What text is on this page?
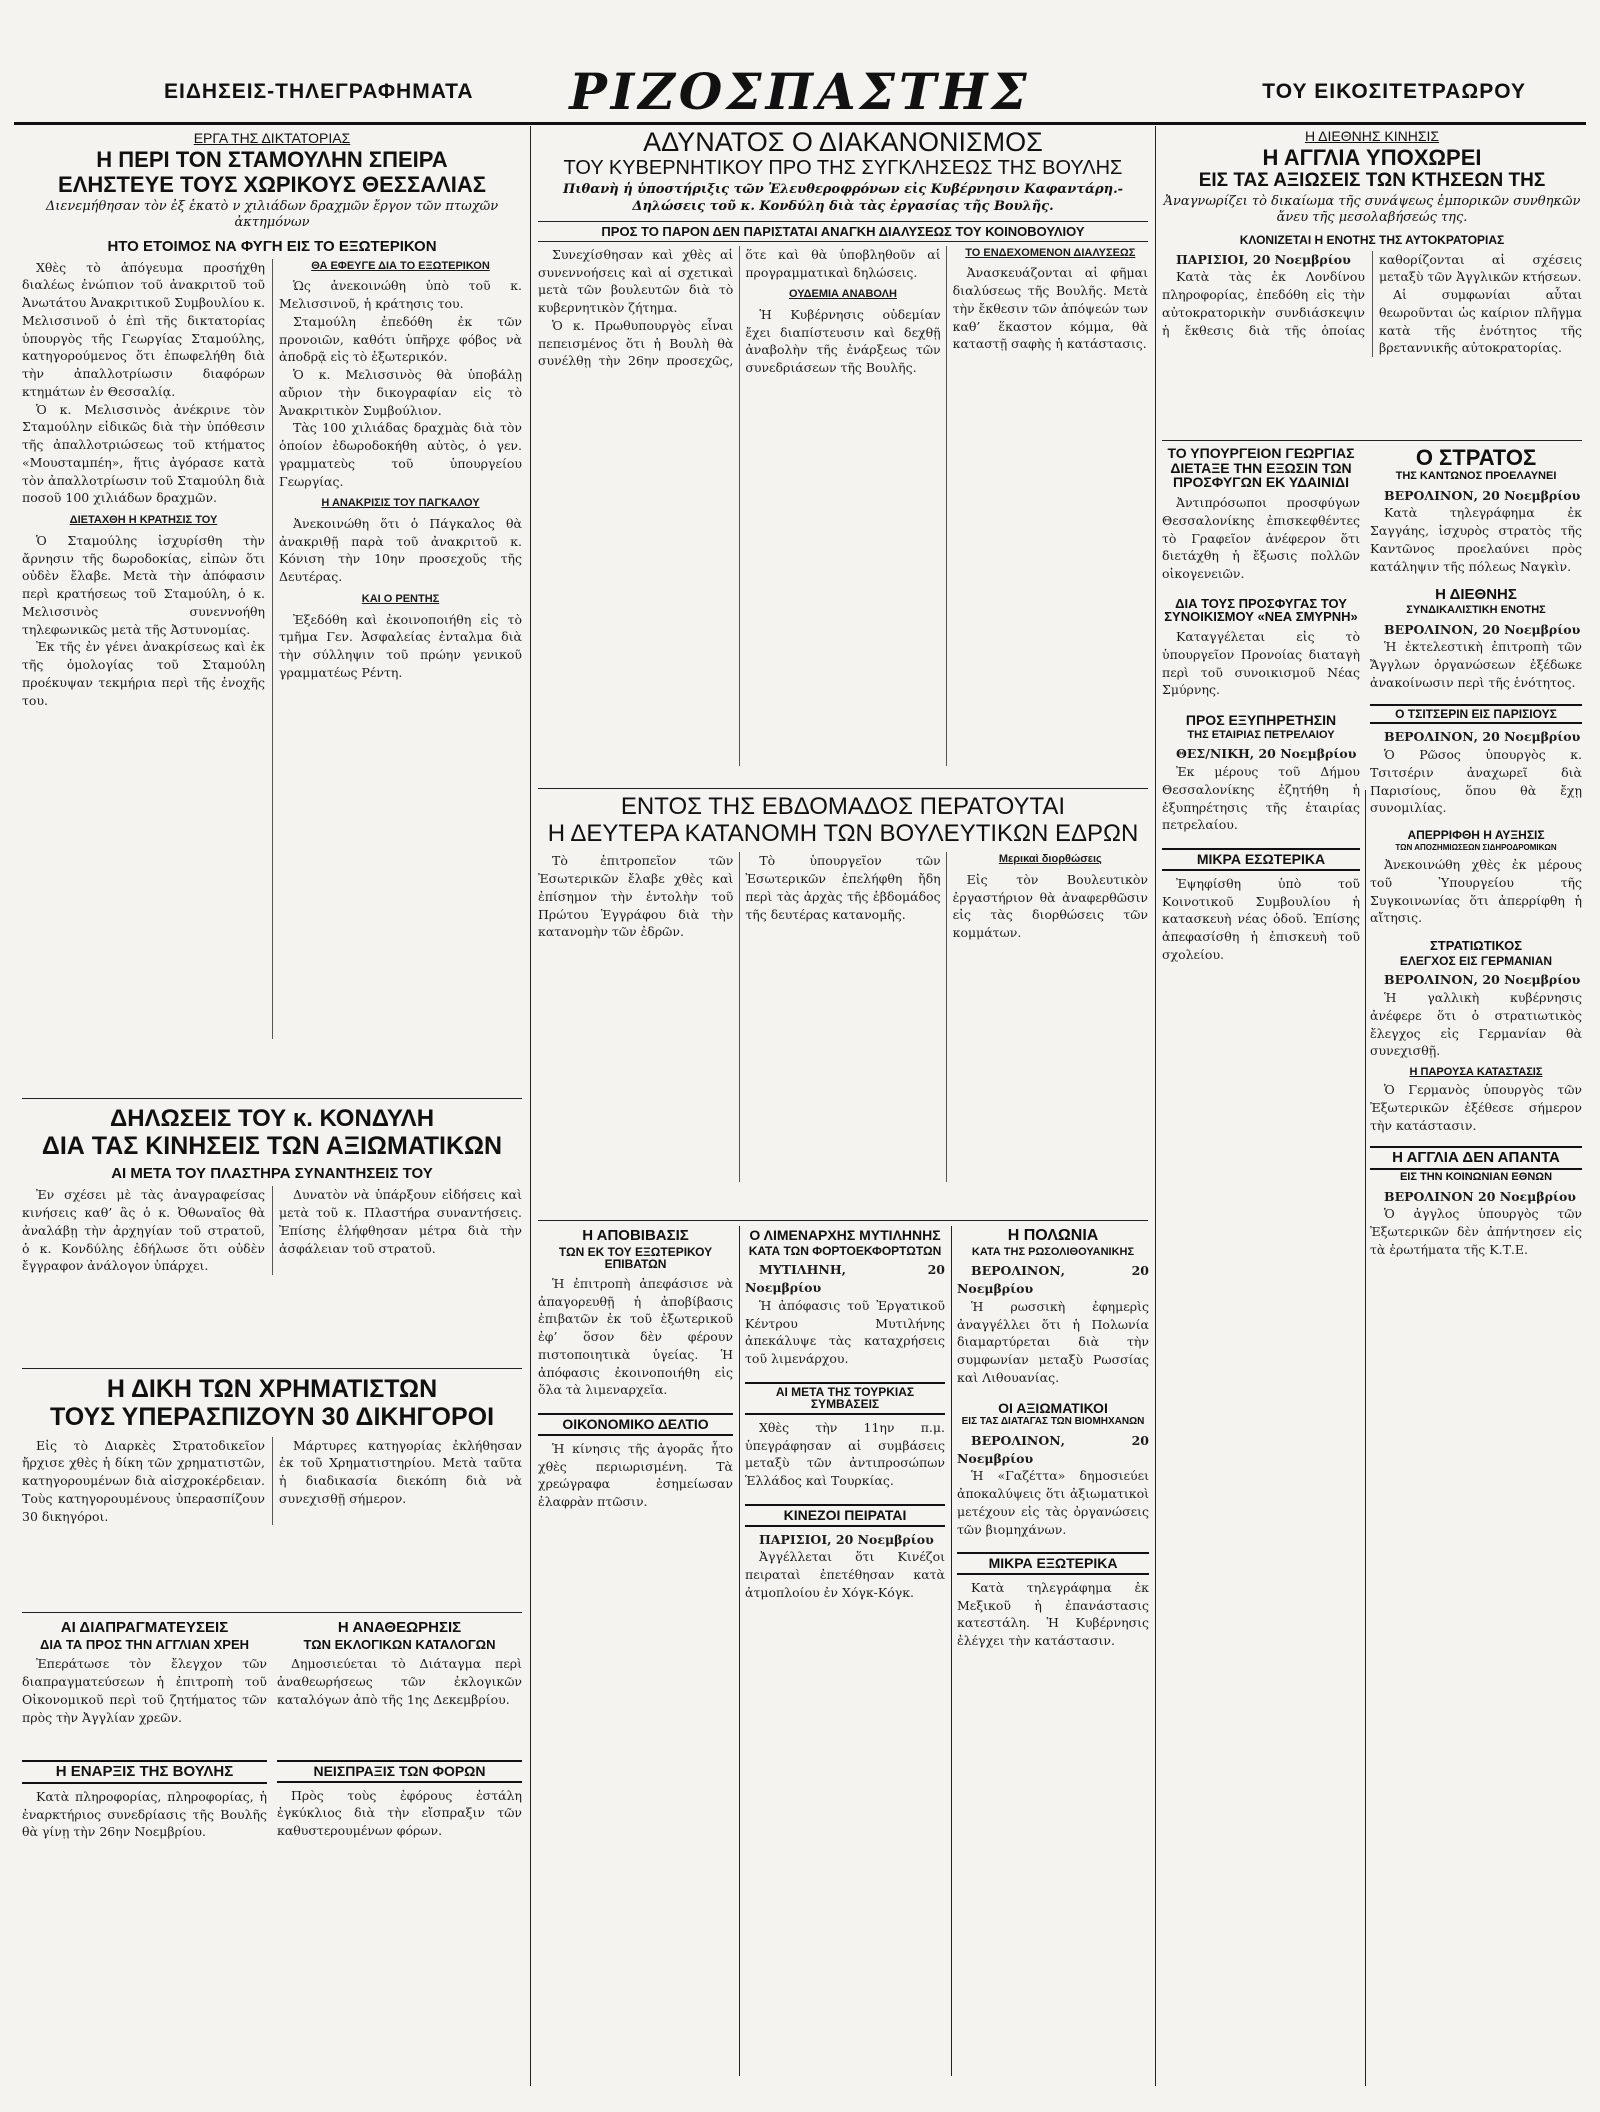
ΕΙΔΗΣΕΙΣ-ΤΗΛΕΓΡΑΦΗΜΑΤΑ	ΡΙΖΟΣΠΑΣΤΗΣ	ΤΟΥ ΕΙΚΟΣΙΤΕΤΡΑΩΡΟΥ
ΕΡΓΑ ΤΗΣ ΔΙΚΤΑΤΟΡΙΑΣ
Η ΠΕΡΙ ΤΟΝ ΣΤΑΜΟΥΛΗΝ ΣΠΕΙΡΑ
ΕΛΗΣΤΕΥΕ ΤΟΥΣ ΧΩΡΙΚΟΥΣ ΘΕΣΣΑΛΙΑΣ
Διενεμήθησαν τὸν ἐξ ἑκατὸ ν χιλιάδων δραχμῶν ἔργον τῶν πτωχῶν ἀκτημόνων
ΗΤΟ ΕΤΟΙΜΟΣ ΝΑ ΦΥΓΗ ΕΙΣ ΤΟ ΕΞΩΤΕΡΙΚΟΝ

Χθὲς τὸ ἀπόγευμα προσήχθη διαλέως ἐνώπιον τοῦ ἀνακριτοῦ τοῦ Ἀνωτάτου Ἀνακριτικοῦ Συμβουλίου κ. Μελισσινοῦ ὁ ἐπὶ τῆς δικτατορίας ὑπουργὸς τῆς Γεωργίας Σταμούλης, κατηγορούμενος ὅτι ἐπωφελήθη διὰ τὴν ἀπαλλοτρίωσιν διαφόρων κτημάτων ἐν Θεσσαλίᾳ.

Ὁ κ. Μελισσινὸς ἀνέκρινε τὸν Σταμούλην εἰδικῶς διὰ τὴν ὑπόθεσιν τῆς ἀπαλλοτριώσεως τοῦ κτήματος «Μουσταμπέη», ἥτις ἀγόρασε κατὰ τὸν ἀπαλλοτρίωσιν τοῦ Σταμούλη διὰ ποσοῦ 100 χιλιάδων δραχμῶν.

ΔΙΕΤΑΧΘΗ Η ΚΡΑΤΗΣΙΣ ΤΟΥ

Ὁ Σταμούλης ἰσχυρίσθη τὴν ἄρνησιν τῆς δωροδοκίας, εἰπὼν ὅτι οὐδὲν ἔλαβε. Μετὰ τὴν ἀπόφασιν περὶ κρατήσεως τοῦ Σταμούλη, ὁ κ. Μελισσινὸς συνεννοήθη τηλεφωνικῶς μετὰ τῆς Ἀστυνομίας.

Ἐκ τῆς ἐν γένει ἀνακρίσεως καὶ ἐκ τῆς ὁμολογίας τοῦ Σταμούλη προέκυψαν τεκμήρια περὶ τῆς ἐνοχῆς του.

ΘΑ ΕΦΕΥΓΕ ΔΙΑ ΤΟ ΕΞΩΤΕΡΙΚΟΝ

Ὡς ἀνεκοινώθη ὑπὸ τοῦ κ. Μελισσινοῦ, ἡ κράτησις του.

Σταμούλη ἐπεδόθη ἐκ τῶν προνοιῶν, καθότι ὑπῆρχε φόβος νὰ ἀποδρᾷ εἰς τὸ ἐξωτερικόν.

Ὁ κ. Μελισσινὸς θὰ ὑποβάλῃ αὔριον τὴν δικογραφίαν εἰς τὸ Ἀνακριτικὸν Συμβούλιον.

Τὰς 100 χιλιάδας δραχμὰς διὰ τὸν ὁποίον ἐδωροδοκήθη αὐτὸς, ὁ γεν. γραμματεὺς τοῦ ὑπουργείου Γεωργίας.

Η ΑΝΑΚΡΙΣΙΣ ΤΟΥ ΠΑΓΚΑΛΟΥ

Ἀνεκοινώθη ὅτι ὁ Πάγκαλος θὰ ἀνακριθῇ παρὰ τοῦ ἀνακριτοῦ κ. Κόνιση τὴν 10ην προσεχοῦς τῆς Δευτέρας.

ΚΑΙ Ο ΡΕΝΤΗΣ

Ἐξεδόθη καὶ ἐκοινοποιήθη εἰς τὸ τμῆμα Γεν. Ἀσφαλείας ἐνταλμα διὰ τὴν σύλληψιν τοῦ πρώην γενικοῦ γραμματέως Ρέντη.

ΔΗΛΩΣΕΙΣ ΤΟΥ κ. ΚΟΝΔΥΛΗ
ΔΙΑ ΤΑΣ ΚΙΝΗΣΕΙΣ ΤΩΝ ΑΞΙΩΜΑΤΙΚΩΝ
ΑΙ ΜΕΤΑ ΤΟΥ ΠΛΑΣΤΗΡΑ ΣΥΝΑΝΤΗΣΕΙΣ ΤΟΥ

Ἐν σχέσει μὲ τὰς ἀναγραφείσας κινήσεις καθ’ ἃς ὁ κ. Ὀθωναῖος θὰ ἀναλάβῃ τὴν ἀρχηγίαν τοῦ στρατοῦ, ὁ κ. Κονδύλης ἐδήλωσε ὅτι οὐδὲν ἔγγραφον ἀνάλογον ὑπάρχει.

Δυνατὸν νὰ ὑπάρξουν εἰδήσεις καὶ μετὰ τοῦ κ. Πλαστήρα συναντήσεις. Ἐπίσης ἐλήφθησαν μέτρα διὰ τὴν ἀσφάλειαν τοῦ στρατοῦ.

Η ΔΙΚΗ ΤΩΝ ΧΡΗΜΑΤΙΣΤΩΝ
ΤΟΥΣ ΥΠΕΡΑΣΠΙΖΟΥΝ 30 ΔΙΚΗΓΟΡΟΙ

Εἰς τὸ Διαρκὲς Στρατοδικεῖον ἤρχισε χθὲς ἡ δίκη τῶν χρηματιστῶν, κατηγορουμένων διὰ αἰσχροκέρδειαν. Τοὺς κατηγορουμένους ὑπερασπίζουν 30 δικηγόροι.

Μάρτυρες κατηγορίας ἐκλήθησαν ἐκ τοῦ Χρηματιστηρίου. Μετὰ ταῦτα ἡ διαδικασία διεκόπη διὰ νὰ συνεχισθῇ σήμερον.

ΑΙ ΔΙΑΠΡΑΓΜΑΤΕΥΣΕΙΣ
ΔΙΑ ΤΑ ΠΡΟΣ ΤΗΝ ΑΓΓΛΙΑΝ ΧΡΕΗ

Ἐπεράτωσε τὸν ἔλεγχον τῶν διαπραγματεύσεων ἡ ἐπιτροπὴ τοῦ Οἰκονομικοῦ περὶ τοῦ ζητήματος τῶν πρὸς τὴν Ἀγγλίαν χρεῶν.

Η ΑΝΑΘΕΩΡΗΣΙΣ
ΤΩΝ ΕΚΛΟΓΙΚΩΝ ΚΑΤΑΛΟΓΩΝ

Δημοσιεύεται τὸ Διάταγμα περὶ ἀναθεωρήσεως τῶν ἐκλογικῶν καταλόγων ἀπὸ τῆς 1ης Δεκεμβρίου.

Η ΕΝΑΡΞΙΣ ΤΗΣ ΒΟΥΛΗΣ

Κατὰ πληροφορίας, πληροφορίας, ἡ ἐναρκτήριος συνεδρίασις τῆς Βουλῆς θὰ γίνῃ τὴν 26ην Νοεμβρίου.

ΝΕΙΣΠΡΑΞΙΣ ΤΩΝ ΦΟΡΩΝ

Πρὸς τοὺς ἐφόρους ἐστάλη ἐγκύκλιος διὰ τὴν εἴσπραξιν τῶν καθυστερουμένων φόρων.

ΑΔΥΝΑΤΟΣ Ο ΔΙΑΚΑΝΟΝΙΣΜΟΣ
ΤΟΥ ΚΥΒΕΡΝΗΤΙΚΟΥ ΠΡΟ ΤΗΣ ΣΥΓΚΛΗΣΕΩΣ ΤΗΣ ΒΟΥΛΗΣ
Πιθανὴ ἡ ὑποστήριξις τῶν Ἐλευθεροφρόνων εἰς Κυβέρνησιν Καφαντάρη.-Δηλώσεις τοῦ κ. Κονδύλη διὰ τὰς ἐργασίας τῆς Βουλῆς.
ΠΡΟΣ ΤΟ ΠΑΡΟΝ ΔΕΝ ΠΑΡΙΣΤΑΤΑΙ ΑΝΑΓΚΗ ΔΙΑΛΥΣΕΩΣ ΤΟΥ ΚΟΙΝΟΒΟΥΛΙΟΥ

Συνεχίσθησαν καὶ χθὲς αἱ συνεννοήσεις καὶ αἱ σχετικαὶ μετὰ τῶν βουλευτῶν διὰ τὸ κυβερνητικὸν ζήτημα.

Ὁ κ. Πρωθυπουργὸς εἶναι πεπεισμένος ὅτι ἡ Βουλὴ θὰ συνέλθῃ τὴν 26ην προσεχῶς, ὅτε καὶ θὰ ὑποβληθοῦν αἱ προγραμματικαὶ δηλώσεις.

ΟΥΔΕΜΙΑ ΑΝΑΒΟΛΗ

Ἡ Κυβέρνησις οὐδεμίαν ἔχει διαπίστευσιν καὶ δεχθῇ ἀναβολὴν τῆς ἐνάρξεως τῶν συνεδριάσεων τῆς Βουλῆς.

ΤΟ ΕΝΔΕΧΟΜΕΝΟΝ ΔΙΑΛΥΣΕΩΣ

Ἀνασκευάζονται αἱ φῆμαι διαλύσεως τῆς Βουλῆς. Μετὰ τὴν ἔκθεσιν τῶν ἀπόψεών των καθ’ ἕκαστον κόμμα, θὰ καταστῇ σαφὴς ἡ κατάστασις.

ΕΝΤΟΣ ΤΗΣ ΕΒΔΟΜΑΔΟΣ ΠΕΡΑΤΟΥΤΑΙ
Η ΔΕΥΤΕΡΑ ΚΑΤΑΝΟΜΗ ΤΩΝ ΒΟΥΛΕΥΤΙΚΩΝ ΕΔΡΩΝ

Τὸ ἐπιτροπεῖον τῶν Ἐσωτερικῶν ἔλαβε χθὲς καὶ ἐπίσημον τὴν ἐντολὴν τοῦ Πρώτου Ἐγγράφου διὰ τὴν κατανομὴν τῶν ἐδρῶν.

Τὸ ὑπουργεῖον τῶν Ἐσωτερικῶν ἐπελήφθη ἤδη περὶ τὰς ἀρχὰς τῆς ἑβδομάδος τῆς δευτέρας κατανομῆς.

Μερικαὶ διορθώσεις

Εἰς τὸν Βουλευτικὸν ἐργαστήριον θὰ ἀναφερθῶσιν εἰς τὰς διορθώσεις τῶν κομμάτων.

Η ΑΠΟΒΙΒΑΣΙΣ
ΤΩΝ ΕΚ ΤΟΥ ΕΞΩΤΕΡΙΚΟΥ ΕΠΙΒΑΤΩΝ

Ἡ ἐπιτροπὴ ἀπεφάσισε νὰ ἀπαγορευθῇ ἡ ἀποβίβασις ἐπιβατῶν ἐκ τοῦ ἐξωτερικοῦ ἐφ’ ὅσον δὲν φέρουν πιστοποιητικὰ ὑγείας. Ἡ ἀπόφασις ἐκοινοποιήθη εἰς ὅλα τὰ λιμεναρχεῖα.

ΟΙΚΟΝΟΜΙΚΟ ΔΕΛΤΙΟ

Ἡ κίνησις τῆς ἀγορᾶς ἦτο χθὲς περιωρισμένη. Τὰ χρεώγραφα ἐσημείωσαν ἐλαφρὰν πτῶσιν.

Ο ΛΙΜΕΝΑΡΧΗΣ ΜΥΤΙΛΗΝΗΣ
ΚΑΤΑ ΤΩΝ ΦΟΡΤΟΕΚΦΟΡΤΩΤΩΝ

ΜΥΤΙΛΗΝΗ, 20 Νοεμβρίου

Ἡ ἀπόφασις τοῦ Ἐργατικοῦ Κέντρου Μυτιλήνης ἀπεκάλυψε τὰς καταχρήσεις τοῦ λιμενάρχου.

ΑΙ ΜΕΤΑ ΤΗΣ ΤΟΥΡΚΙΑΣ ΣΥΜΒΑΣΕΙΣ

Χθὲς τὴν 11ην π.μ. ὑπεγράφησαν αἱ συμβάσεις μεταξὺ τῶν ἀντιπροσώπων Ἑλλάδος καὶ Τουρκίας.

ΚΙΝΕΖΟΙ ΠΕΙΡΑΤΑΙ

ΠΑΡΙΣΙΟΙ, 20 Νοεμβρίου

Ἀγγέλλεται ὅτι Κινέζοι πειραταὶ ἐπετέθησαν κατὰ ἀτμοπλοίου ἐν Χόγκ-Κόγκ.

Η ΠΟΛΩΝΙΑ
ΚΑΤΑ ΤΗΣ ΡΩΣΟΛΙΘΟΥΑΝΙΚΗΣ

ΒΕΡΟΛΙΝΟΝ, 20 Νοεμβρίου

Ἡ ρωσσικὴ ἐφημερὶς ἀναγγέλλει ὅτι ἡ Πολωνία διαμαρτύρεται διὰ τὴν συμφωνίαν μεταξὺ Ρωσσίας καὶ Λιθουανίας.

ΟΙ ΑΞΙΩΜΑΤΙΚΟΙ
ΕΙΣ ΤΑΣ ΔΙΑΤΑΓΑΣ ΤΩΝ ΒΙΟΜΗΧΑΝΩΝ

ΒΕΡΟΛΙΝΟΝ, 20 Νοεμβρίου

Ἡ «Γαζέττα» δημοσιεύει ἀποκαλύψεις ὅτι ἀξιωματικοὶ μετέχουν εἰς τὰς ὀργανώσεις τῶν βιομηχάνων.

ΜΙΚΡΑ ΕΞΩΤΕΡΙΚΑ

Κατὰ τηλεγράφημα ἐκ Μεξικοῦ ἡ ἐπανάστασις κατεστάλη. Ἡ Κυβέρνησις ἐλέγχει τὴν κατάστασιν.

Η ΔΙΕΘΝΗΣ ΚΙΝΗΣΙΣ
Η ΑΓΓΛΙΑ ΥΠΟΧΩΡΕΙ
ΕΙΣ ΤΑΣ ΑΞΙΩΣΕΙΣ ΤΩΝ ΚΤΗΣΕΩΝ ΤΗΣ
Ἀναγνωρίζει τὸ δικαίωμα τῆς συνάψεως ἐμπορικῶν συνθηκῶν ἄνευ τῆς μεσολαβήσεώς της.
ΚΛΟΝΙΖΕΤΑΙ Η ΕΝΟΤΗΣ ΤΗΣ ΑΥΤΟΚΡΑΤΟΡΙΑΣ

ΠΑΡΙΣΙΟΙ, 20 Νοεμβρίου

Κατὰ τὰς ἐκ Λονδίνου πληροφορίας, ἐπεδόθη εἰς τὴν αὐτοκρατορικὴν συνδιάσκεψιν ἡ ἔκθεσις διὰ τῆς ὁποίας καθορίζονται αἱ σχέσεις μεταξὺ τῶν Ἀγγλικῶν κτήσεων.

Αἱ συμφωνίαι αὗται θεωροῦνται ὡς καίριον πλῆγμα κατὰ τῆς ἑνότητος τῆς βρεταννικῆς αὐτοκρατορίας.

ΤΟ ΥΠΟΥΡΓΕΙΟΝ ΓΕΩΡΓΙΑΣ ΔΙΕΤΑΞΕ ΤΗΝ ΕΞΩΣΙΝ ΤΩΝ ΠΡΟΣΦΥΓΩΝ ΕΚ ΥΔΑΙΝΙΔΙ

Ἀντιπρόσωποι προσφύγων Θεσσαλονίκης ἐπισκεφθέντες τὸ Γραφεῖον ἀνέφερον ὅτι διετάχθη ἡ ἔξωσις πολλῶν οἰκογενειῶν.

ΔΙΑ ΤΟΥΣ ΠΡΟΣΦΥΓΑΣ ΤΟΥ ΣΥΝΟΙΚΙΣΜΟΥ «ΝΕΑ ΣΜΥΡΝΗ»

Καταγγέλεται εἰς τὸ ὑπουργεῖον Προνοίας διαταγὴ περὶ τοῦ συνοικισμοῦ Νέας Σμύρνης.

ΠΡΟΣ ΕΞΥΠΗΡΕΤΗΣΙΝ
ΤΗΣ ΕΤΑΙΡΙΑΣ ΠΕΤΡΕΛΑΙΟΥ

ΘΕΣ/ΝΙΚΗ, 20 Νοεμβρίου

Ἐκ μέρους τοῦ Δήμου Θεσσαλονίκης ἐζητήθη ἡ ἐξυπηρέτησις τῆς ἑταιρίας πετρελαίου.

ΜΙΚΡΑ ΕΣΩΤΕΡΙΚΑ

Ἐψηφίσθη ὑπὸ τοῦ Κοινοτικοῦ Συμβουλίου ἡ κατασκευὴ νέας ὁδοῦ. Ἐπίσης ἀπεφασίσθη ἡ ἐπισκευὴ τοῦ σχολείου.

Ο ΣΤΡΑΤΟΣ
ΤΗΣ ΚΑΝΤΩΝΟΣ ΠΡΟΕΛΑΥΝΕΙ

ΒΕΡΟΛΙΝΟΝ, 20 Νοεμβρίου

Κατὰ τηλεγράφημα ἐκ Σαγγάης, ἰσχυρὸς στρατὸς τῆς Καντῶνος προελαύνει πρὸς κατάληψιν τῆς πόλεως Ναγκὶν.

Η ΔΙΕΘΝΗΣ
ΣΥΝΔΙΚΑΛΙΣΤΙΚΗ ΕΝΟΤΗΣ

ΒΕΡΟΛΙΝΟΝ, 20 Νοεμβρίου

Ἡ ἐκτελεστικὴ ἐπιτροπὴ τῶν Ἄγγλων ὀργανώσεων ἐξέδωκε ἀνακοίνωσιν περὶ τῆς ἑνότητος.

Ο ΤΣΙΤΣΕΡΙΝ ΕΙΣ ΠΑΡΙΣΙΟΥΣ

ΒΕΡΟΛΙΝΟΝ, 20 Νοεμβρίου

Ὁ Ρῶσος ὑπουργὸς κ. Τσιτσέριν ἀναχωρεῖ διὰ Παρισίους, ὅπου θὰ ἔχῃ συνομιλίας.

ΑΠΕΡΡΙΦΘΗ Η ΑΥΞΗΣΙΣ
ΤΩΝ ΑΠΟΖΗΜΙΩΣΕΩΝ ΣΙΔΗΡΟΔΡΟΜΙΚΩΝ

Ἀνεκοινώθη χθὲς ἐκ μέρους τοῦ Ὑπουργείου τῆς Συγκοινωνίας ὅτι ἀπερρίφθη ἡ αἴτησις.

ΣΤΡΑΤΙΩΤΙΚΟΣ
ΕΛΕΓΧΟΣ ΕΙΣ ΓΕΡΜΑΝΙΑΝ

ΒΕΡΟΛΙΝΟΝ, 20 Νοεμβρίου

Ἡ γαλλικὴ κυβέρνησις ἀνέφερε ὅτι ὁ στρατιωτικὸς ἔλεγχος εἰς Γερμανίαν θὰ συνεχισθῇ.

Η ΠΑΡΟΥΣΑ ΚΑΤΑΣΤΑΣΙΣ

Ὁ Γερμανὸς ὑπουργὸς τῶν Ἐξωτερικῶν ἐξέθεσε σήμερον τὴν κατάστασιν.

Η ΑΓΓΛΙΑ ΔΕΝ ΑΠΑΝΤΑ
ΕΙΣ ΤΗΝ ΚΟΙΝΩΝΙΑΝ ΕΘΝΩΝ

ΒΕΡΟΛΙΝΟΝ 20 Νοεμβρίου

Ὁ ἀγγλος ὑπουργὸς τῶν Ἐξωτερικῶν δὲν ἀπήντησεν εἰς τὰ ἐρωτήματα τῆς Κ.Τ.Ε.
